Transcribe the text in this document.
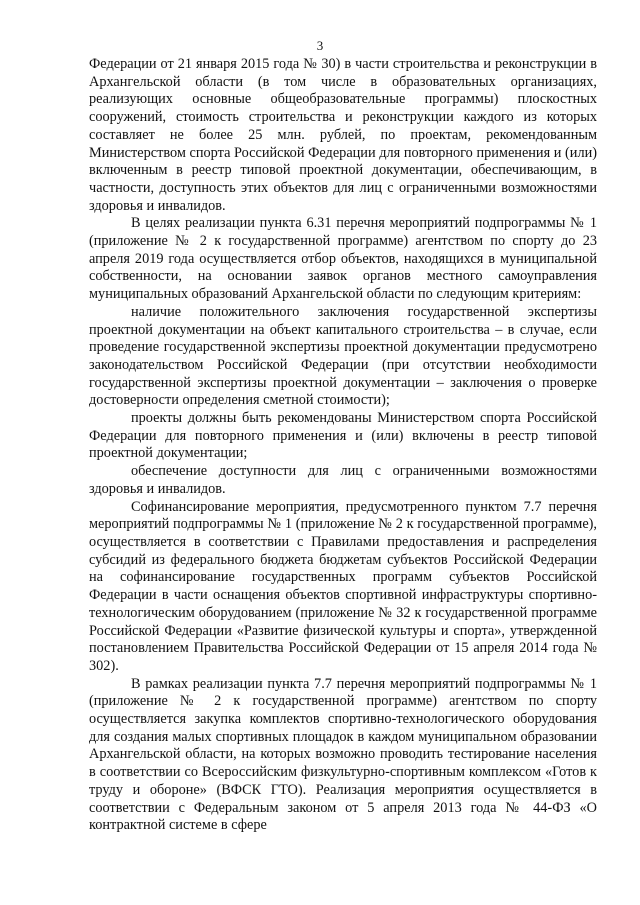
3

Федерации от 21 января 2015 года № 30) в части строительства и реконструкции в Архангельской области (в том числе в образовательных организациях, реализующих основные общеобразовательные программы) плоскостных сооружений, стоимость строительства и реконструкции каждого из которых составляет не более 25 млн. рублей, по проектам, рекомендованным Министерством спорта Российской Федерации для повторного применения и (или) включенным в реестр типовой проектной документации, обеспечивающим, в частности, доступность этих объектов для лиц с ограниченными возможностями здоровья и инвалидов.

В целях реализации пункта 6.31 перечня мероприятий подпрограммы № 1 (приложение № 2 к государственной программе) агентством по спорту до 23 апреля 2019 года осуществляется отбор объектов, находящихся в муниципальной собственности, на основании заявок органов местного самоуправления муниципальных образований Архангельской области по следующим критериям:

наличие положительного заключения государственной экспертизы проектной документации на объект капитального строительства – в случае, если проведение государственной экспертизы проектной документации предусмотрено законодательством Российской Федерации (при отсутствии необходимости государственной экспертизы проектной документации – заключения о проверке достоверности определения сметной стоимости);

проекты должны быть рекомендованы Министерством спорта Российской Федерации для повторного применения и (или) включены в реестр типовой проектной документации;

обеспечение доступности для лиц с ограниченными возможностями здоровья и инвалидов.

Софинансирование мероприятия, предусмотренного пунктом 7.7 перечня мероприятий подпрограммы № 1 (приложение № 2 к государственной программе), осуществляется в соответствии с Правилами предоставления и распределения субсидий из федерального бюджета бюджетам субъектов Российской Федерации на софинансирование государственных программ субъектов Российской Федерации в части оснащения объектов спортивной инфраструктуры спортивно-технологическим оборудованием (приложение № 32 к государственной программе Российской Федерации «Развитие физической культуры и спорта», утвержденной постановлением Правительства Российской Федерации от 15 апреля 2014 года № 302).

В рамках реализации пункта 7.7 перечня мероприятий подпрограммы № 1 (приложение № 2 к государственной программе) агентством по спорту осуществляется закупка комплектов спортивно-технологического оборудования для создания малых спортивных площадок в каждом муниципальном образовании Архангельской области, на которых возможно проводить тестирование населения в соответствии со Всероссийским физкультурно-спортивным комплексом «Готов к труду и обороне» (ВФСК ГТО). Реализация мероприятия осуществляется в соответствии с Федеральным законом от 5 апреля 2013 года № 44-ФЗ «О контрактной системе в сфере
